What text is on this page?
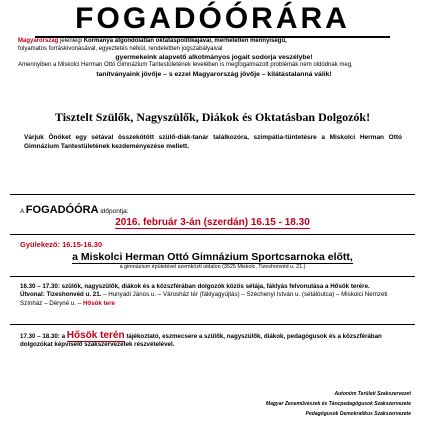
FOGADÓÓRÁRA
Magyarország jelenlegi Kormánya átgondolatlan oktatáspolitikájával, mérhetetlen mennyiségű,
folyamatos forráskivonásával, egyeztetés nélkül, rendeletben jogszabályaival
gyermekeink alapvető alkotmányos jogait sodorja veszélybe!
Amennyiben a Miskolci Herman Ottó Gimnázium Tantestületének levelében is megfogalmazott problémák nem oldódnak meg,
tanítványaink jövője – s ezzel Magyarország jövője – kilátástalanná válik!
Tisztelt Szülők, Nagyszülők, Diákok és Oktatásban Dolgozók!
Várjuk Önöket egy sétával összekötött szülő-diák-tanár találkozóra, szimpátia-tüntetésre a Miskolci Herman Ottó Gimnázium Tantestületének kezdeményezése mellett.
A FOGADÓÓRA időpontja:
2016. február 3-án (szerdán) 16.15 - 18.30
Gyülekező: 16.15-16.30
a Miskolci Herman Ottó Gimnázium Sportcsarnoka előtt,
a gimnázium épületével szemközti oldalon (3525 Miskolc, Tizeshonvéd u. 21.)
16.30 – 17.30: szülők, nagyszülők, diákok és a közszférában dolgozók közös sétája, fáklyás felvonulása a Hősök terére.
Útvonal: Tizeshonvéd u. 21. – Hunyadi János u. – Városház tér (fáklyagyújtás) – Széchenyi István u. (sétálóutca) – Miskolci Nemzeti Színház – Déryné u. – Hősök tere
17.30 – 18.30: a Hősök terén tájékoztató, eszmecsere a szülők, nagyszülők, diákok, pedagógusok és a közszférában dolgozókat képviselő szakszervezetek részvételével.
Autonóm Területi Szakszervezet
Magyar Zeneművészek és Táncpedagógusok Szakszervezete
Pedagógusok Demokratikus Szakszervezete
